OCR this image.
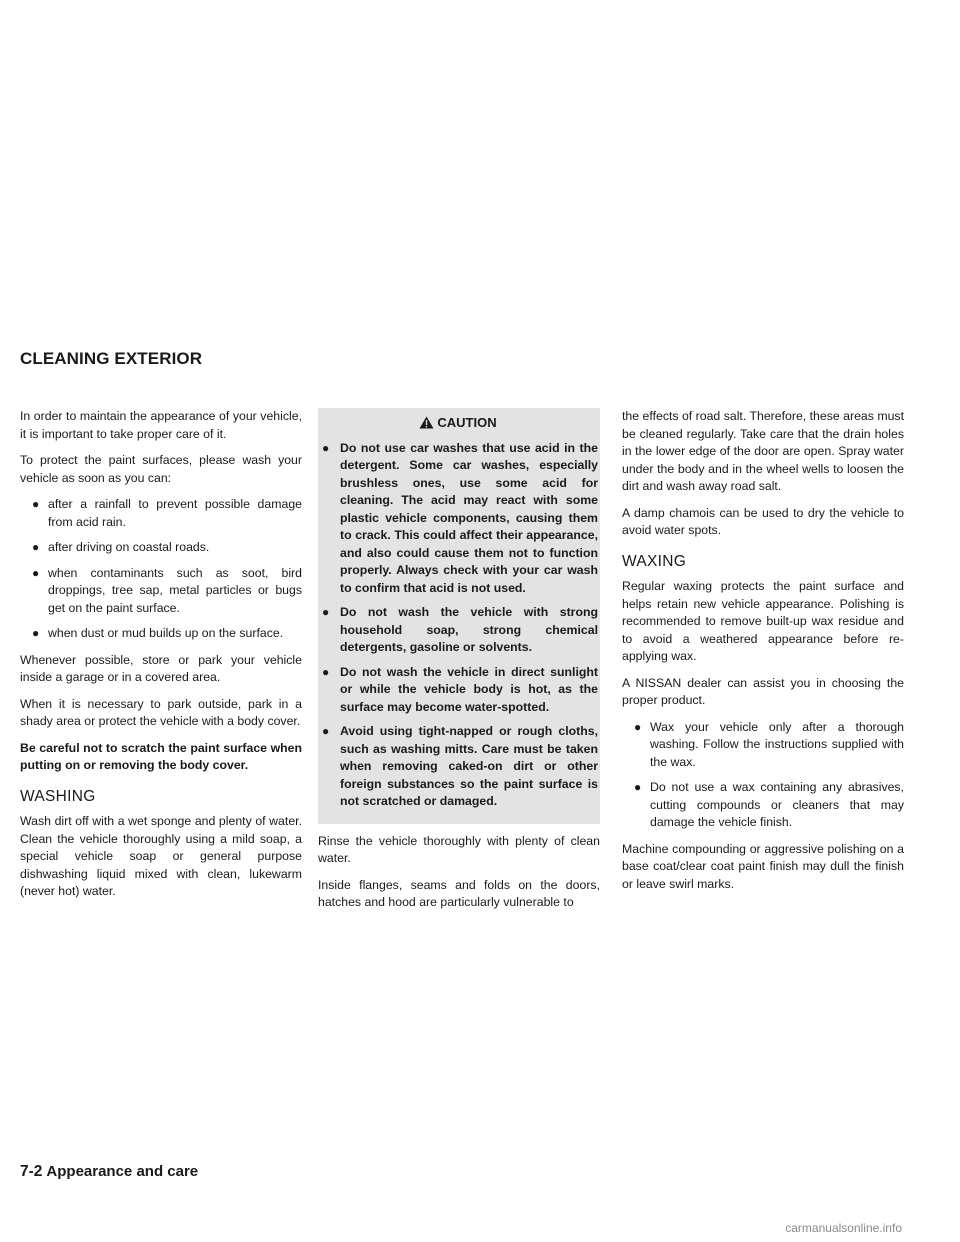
CLEANING EXTERIOR

In order to maintain the appearance of your vehicle, it is important to take proper care of it.

To protect the paint surfaces, please wash your vehicle as soon as you can:

● after a rainfall to prevent possible damage from acid rain.
● after driving on coastal roads.
● when contaminants such as soot, bird droppings, tree sap, metal particles or bugs get on the paint surface.
● when dust or mud builds up on the surface.

Whenever possible, store or park your vehicle inside a garage or in a covered area.

When it is necessary to park outside, park in a shady area or protect the vehicle with a body cover.

Be careful not to scratch the paint surface when putting on or removing the body cover.

WASHING

Wash dirt off with a wet sponge and plenty of water. Clean the vehicle thoroughly using a mild soap, a special vehicle soap or general purpose dishwashing liquid mixed with clean, lukewarm (never hot) water.

CAUTION
● Do not use car washes that use acid in the detergent. Some car washes, especially brushless ones, use some acid for cleaning. The acid may react with some plastic vehicle components, causing them to crack. This could affect their appearance, and also could cause them not to function properly. Always check with your car wash to confirm that acid is not used.
● Do not wash the vehicle with strong household soap, strong chemical detergents, gasoline or solvents.
● Do not wash the vehicle in direct sunlight or while the vehicle body is hot, as the surface may become water-spotted.
● Avoid using tight-napped or rough cloths, such as washing mitts. Care must be taken when removing caked-on dirt or other foreign substances so the paint surface is not scratched or damaged.

Rinse the vehicle thoroughly with plenty of clean water.

Inside flanges, seams and folds on the doors, hatches and hood are particularly vulnerable to

the effects of road salt. Therefore, these areas must be cleaned regularly. Take care that the drain holes in the lower edge of the door are open. Spray water under the body and in the wheel wells to loosen the dirt and wash away road salt.

A damp chamois can be used to dry the vehicle to avoid water spots.

WAXING

Regular waxing protects the paint surface and helps retain new vehicle appearance. Polishing is recommended to remove built-up wax residue and to avoid a weathered appearance before re-applying wax.

A NISSAN dealer can assist you in choosing the proper product.

● Wax your vehicle only after a thorough washing. Follow the instructions supplied with the wax.
● Do not use a wax containing any abrasives, cutting compounds or cleaners that may damage the vehicle finish.

Machine compounding or aggressive polishing on a base coat/clear coat paint finish may dull the finish or leave swirl marks.

7-2 Appearance and care
carmanualsonline.info
